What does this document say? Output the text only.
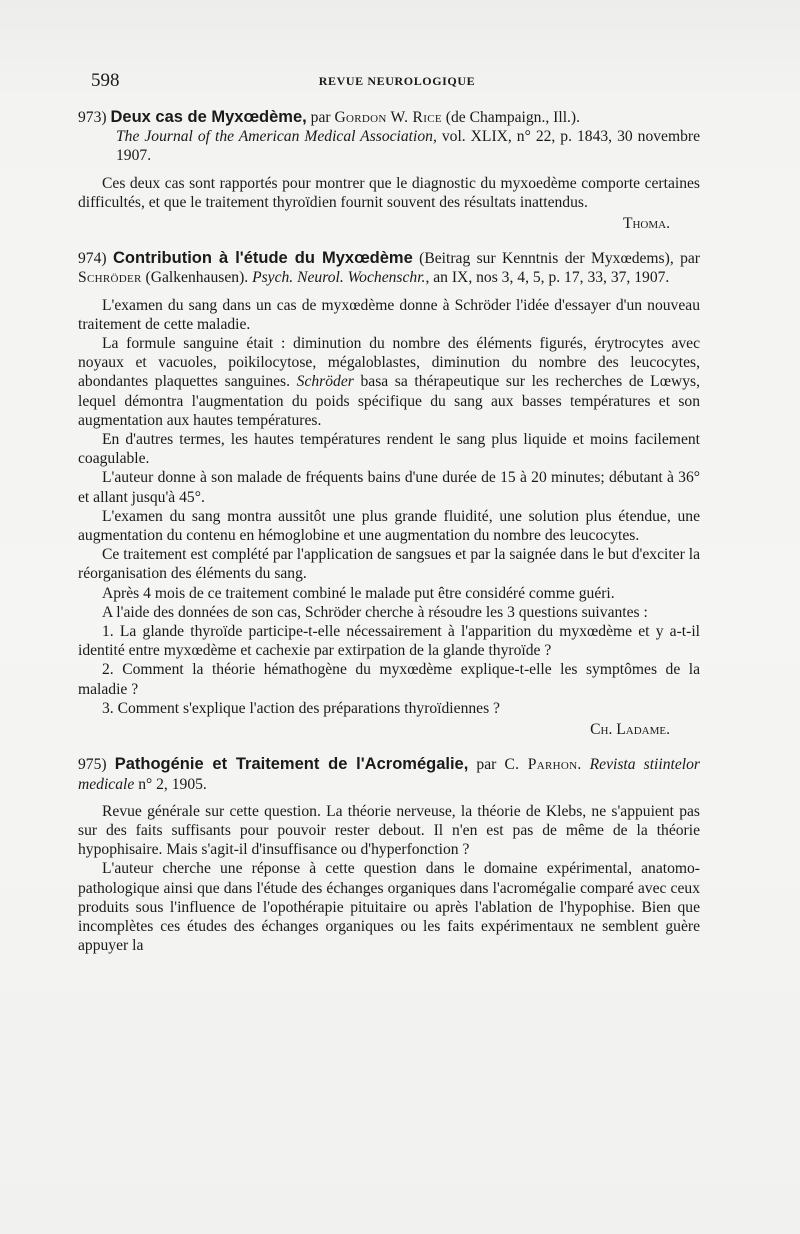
598	REVUE NEUROLOGIQUE

973) Deux cas de Myxœdème, par Gordon W. Rice (de Champaign., Ill.).
The Journal of the American Medical Association, vol. XLIX, n° 22, p. 1843, 30 novembre 1907.

Ces deux cas sont rapportés pour montrer que le diagnostic du myxoedème comporte certaines difficultés, et que le traitement thyroïdien fournit souvent des résultats inattendus.

Thoma.

974) Contribution à l'étude du Myxœdème (Beitrag sur Kenntnis der Myxœdems), par Schröder (Galkenhausen). Psych. Neurol. Wochenschr., an IX, nos 3, 4, 5, p. 17, 33, 37, 1907.

L'examen du sang dans un cas de myxœdème donne à Schröder l'idée d'essayer d'un nouveau traitement de cette maladie.

La formule sanguine était : diminution du nombre des éléments figurés, érytrocytes avec noyaux et vacuoles, poikilocytose, mégaloblastes, diminution du nombre des leucocytes, abondantes plaquettes sanguines. Schröder basa sa thérapeutique sur les recherches de Lœwys, lequel démontra l'augmentation du poids spécifique du sang aux basses températures et son augmentation aux hautes températures.

En d'autres termes, les hautes températures rendent le sang plus liquide et moins facilement coagulable.

L'auteur donne à son malade de fréquents bains d'une durée de 15 à 20 minutes; débutant à 36° et allant jusqu'à 45°.

L'examen du sang montra aussitôt une plus grande fluidité, une solution plus étendue, une augmentation du contenu en hémoglobine et une augmentation du nombre des leucocytes.

Ce traitement est complété par l'application de sangsues et par la saignée dans le but d'exciter la réorganisation des éléments du sang.

Après 4 mois de ce traitement combiné le malade put être considéré comme guéri.

A l'aide des données de son cas, Schröder cherche à résoudre les 3 questions suivantes :

1. La glande thyroïde participe-t-elle nécessairement à l'apparition du myxœdème et y a-t-il identité entre myxœdème et cachexie par extirpation de la glande thyroïde ?

2. Comment la théorie hémathogène du myxœdème explique-t-elle les symptômes de la maladie ?

3. Comment s'explique l'action des préparations thyroïdiennes ?

Ch. Ladame.

975) Pathogénie et Traitement de l'Acromégalie, par C. Parhon. Revista stiintelor medicale n° 2, 1905.

Revue générale sur cette question. La théorie nerveuse, la théorie de Klebs, ne s'appuient pas sur des faits suffisants pour pouvoir rester debout. Il n'en est pas de même de la théorie hypophisaire. Mais s'agit-il d'insuffisance ou d'hyperfonction ?

L'auteur cherche une réponse à cette question dans le domaine expérimental, anatomo-pathologique ainsi que dans l'étude des échanges organiques dans l'acromégalie comparé avec ceux produits sous l'influence de l'opothérapie pituitaire ou après l'ablation de l'hypophise. Bien que incomplètes ces études des échanges organiques ou les faits expérimentaux ne semblent guère appuyer la
